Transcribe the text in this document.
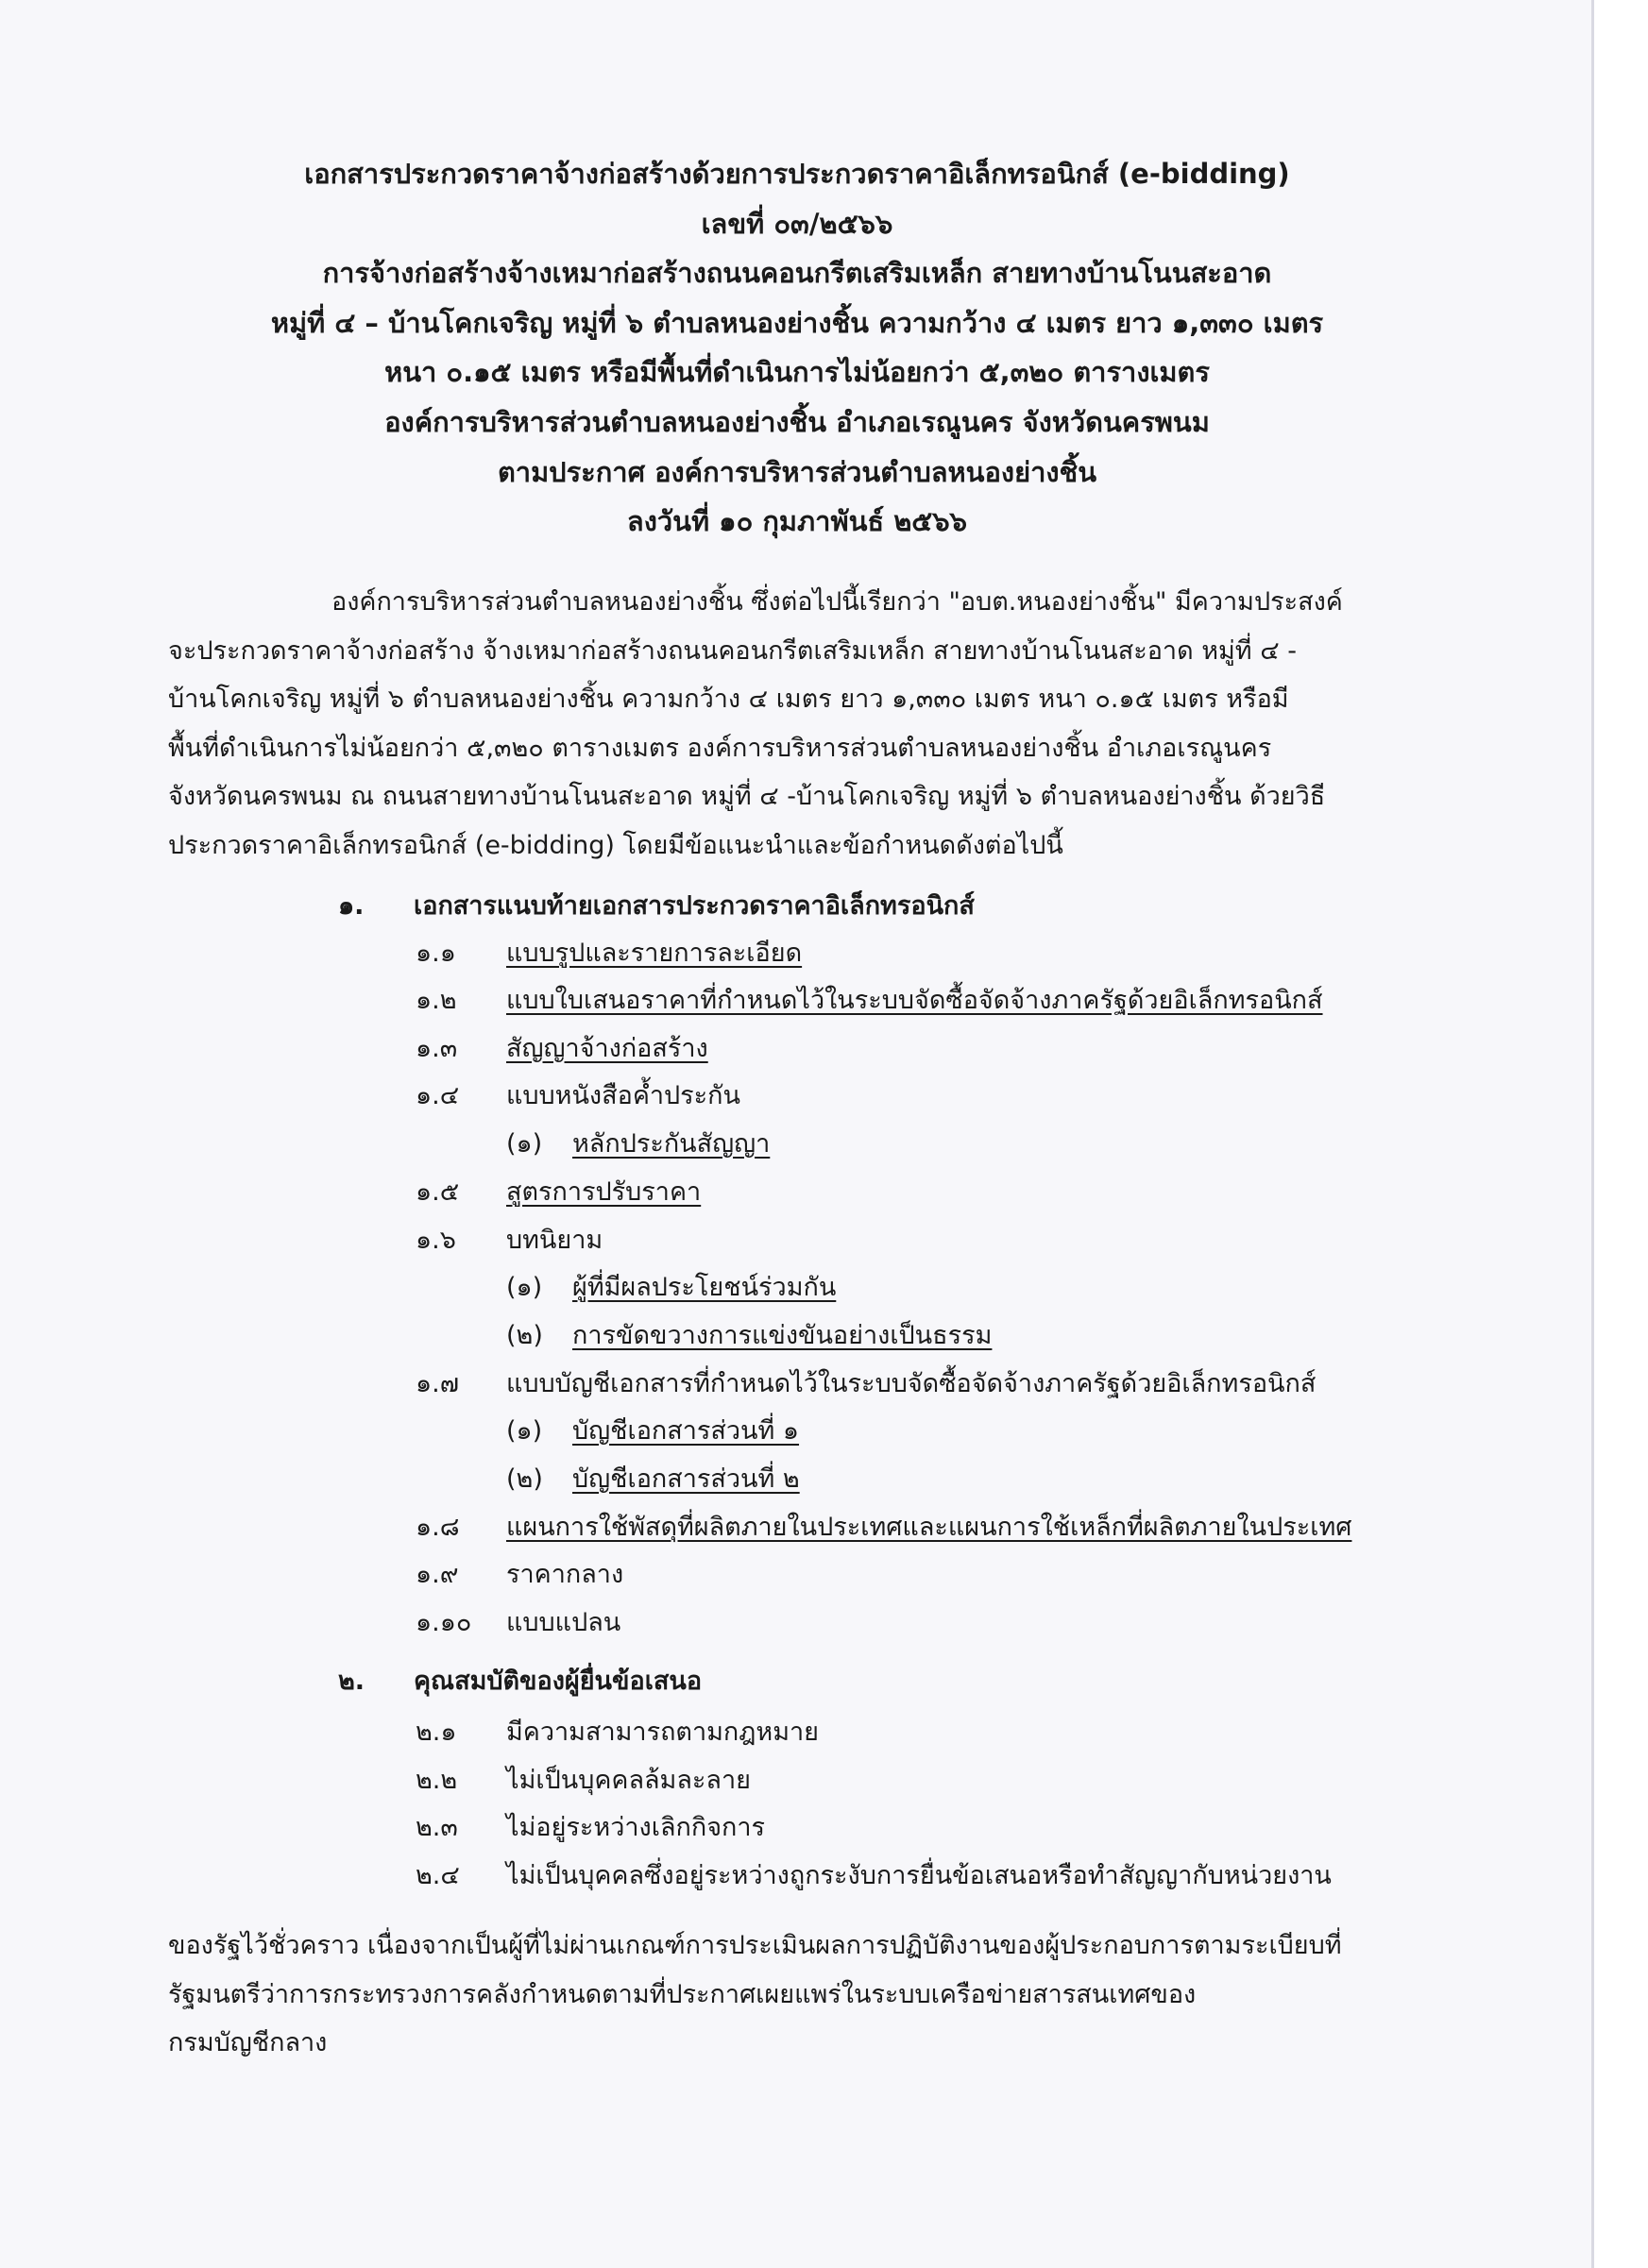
เอกสารประกวดราคาจ้างก่อสร้างด้วยการประกวดราคาอิเล็กทรอนิกส์ (e-bidding)
เลขที่ ๐๓/๒๕๖๖
การจ้างก่อสร้างจ้างเหมาก่อสร้างถนนคอนกรีตเสริมเหล็ก สายทางบ้านโนนสะอาด
หมู่ที่ ๔ – บ้านโคกเจริญ หมู่ที่ ๖ ตำบลหนองย่างชิ้น ความกว้าง ๔ เมตร ยาว ๑,๓๓๐ เมตร
หนา ๐.๑๕ เมตร หรือมีพื้นที่ดำเนินการไม่น้อยกว่า ๕,๓๒๐ ตารางเมตร
องค์การบริหารส่วนตำบลหนองย่างชิ้น อำเภอเรณูนคร จังหวัดนครพนม
ตามประกาศ องค์การบริหารส่วนตำบลหนองย่างชิ้น
ลงวันที่ ๑๐ กุมภาพันธ์ ๒๕๖๖
องค์การบริหารส่วนตำบลหนองย่างชิ้น ซึ่งต่อไปนี้เรียกว่า "อบต.หนองย่างชิ้น" มีความประสงค์
จะประกวดราคาจ้างก่อสร้าง จ้างเหมาก่อสร้างถนนคอนกรีตเสริมเหล็ก สายทางบ้านโนนสะอาด หมู่ที่ ๔ -
บ้านโคกเจริญ หมู่ที่ ๖ ตำบลหนองย่างชิ้น ความกว้าง ๔ เมตร ยาว ๑,๓๓๐ เมตร หนา ๐.๑๕ เมตร หรือมี
พื้นที่ดำเนินการไม่น้อยกว่า ๕,๓๒๐ ตารางเมตร องค์การบริหารส่วนตำบลหนองย่างชิ้น อำเภอเรณูนคร
จังหวัดนครพนม ณ ถนนสายทางบ้านโนนสะอาด หมู่ที่ ๔ -บ้านโคกเจริญ หมู่ที่ ๖ ตำบลหนองย่างชิ้น ด้วยวิธี
ประกวดราคาอิเล็กทรอนิกส์ (e-bidding) โดยมีข้อแนะนำและข้อกำหนดดังต่อไปนี้
๑. เอกสารแนบท้ายเอกสารประกวดราคาอิเล็กทรอนิกส์
๑.๑ แบบรูปและรายการละเอียด
๑.๒ แบบใบเสนอราคาที่กำหนดไว้ในระบบจัดซื้อจัดจ้างภาครัฐด้วยอิเล็กทรอนิกส์
๑.๓ สัญญาจ้างก่อสร้าง
๑.๔ แบบหนังสือค้ำประกัน
(๑) หลักประกันสัญญา
๑.๕ สูตรการปรับราคา
๑.๖ บทนิยาม
(๑) ผู้ที่มีผลประโยชน์ร่วมกัน
(๒) การขัดขวางการแข่งขันอย่างเป็นธรรม
๑.๗ แบบบัญชีเอกสารที่กำหนดไว้ในระบบจัดซื้อจัดจ้างภาครัฐด้วยอิเล็กทรอนิกส์
(๑) บัญชีเอกสารส่วนที่ ๑
(๒) บัญชีเอกสารส่วนที่ ๒
๑.๘ แผนการใช้พัสดุที่ผลิตภายในประเทศและแผนการใช้เหล็กที่ผลิตภายในประเทศ
๑.๙ ราคากลาง
๑.๑๐ แบบแปลน
๒. คุณสมบัติของผู้ยื่นข้อเสนอ
๒.๑ มีความสามารถตามกฎหมาย
๒.๒ ไม่เป็นบุคคลล้มละลาย
๒.๓ ไม่อยู่ระหว่างเลิกกิจการ
๒.๔ ไม่เป็นบุคคลซึ่งอยู่ระหว่างถูกระงับการยื่นข้อเสนอหรือทำสัญญากับหน่วยงาน
ของรัฐไว้ชั่วคราว เนื่องจากเป็นผู้ที่ไม่ผ่านเกณฑ์การประเมินผลการปฏิบัติงานของผู้ประกอบการตามระเบียบที่
รัฐมนตรีว่าการกระทรวงการคลังกำหนดตามที่ประกาศเผยแพร่ในระบบเครือข่ายสารสนเทศของ
กรมบัญชีกลาง
